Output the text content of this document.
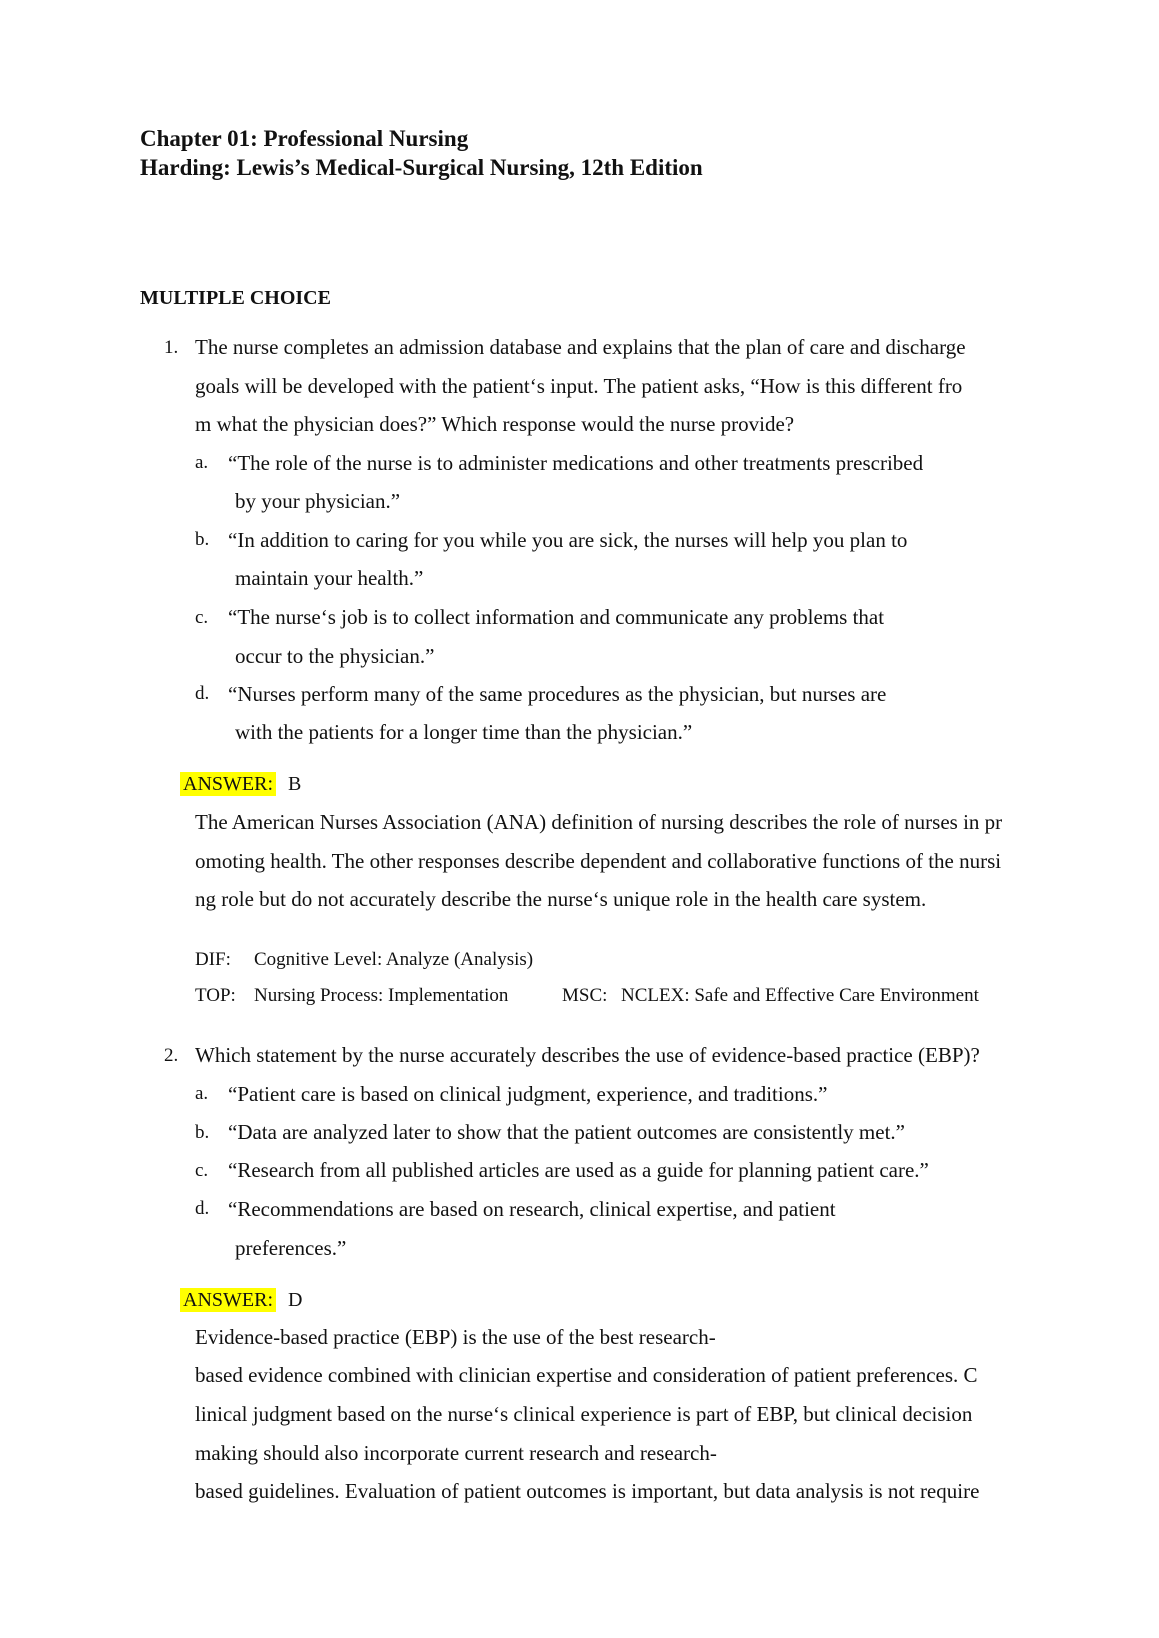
Chapter 01: Professional Nursing
Harding: Lewis’s Medical-Surgical Nursing, 12th Edition
MULTIPLE CHOICE
1. The nurse completes an admission database and explains that the plan of care and discharge
goals will be developed with the patient‘s input. The patient asks, “How is this different fro
m what the physician does?” Which response would the nurse provide?
a. “The role of the nurse is to administer medications and other treatments prescribed
by your physician.”
b. “In addition to caring for you while you are sick, the nurses will help you plan to
maintain your health.”
c. “The nurse‘s job is to collect information and communicate any problems that
occur to the physician.”
d. “Nurses perform many of the same procedures as the physician, but nurses are
with the patients for a longer time than the physician.”
ANSWER: B
The American Nurses Association (ANA) definition of nursing describes the role of nurses in pr
omoting health. The other responses describe dependent and collaborative functions of the nursi
ng role but do not accurately describe the nurse‘s unique role in the health care system.
DIF: Cognitive Level: Analyze (Analysis)
TOP: Nursing Process: Implementation	MSC: NCLEX: Safe and Effective Care Environment
2. Which statement by the nurse accurately describes the use of evidence-based practice (EBP)?
a. “Patient care is based on clinical judgment, experience, and traditions.”
b. “Data are analyzed later to show that the patient outcomes are consistently met.”
c. “Research from all published articles are used as a guide for planning patient care.”
d. “Recommendations are based on research, clinical expertise, and patient
preferences.”
ANSWER: D
Evidence-based practice (EBP) is the use of the best research-
based evidence combined with clinician expertise and consideration of patient preferences. C
linical judgment based on the nurse‘s clinical experience is part of EBP, but clinical decision
making should also incorporate current research and research-
based guidelines. Evaluation of patient outcomes is important, but data analysis is not require
